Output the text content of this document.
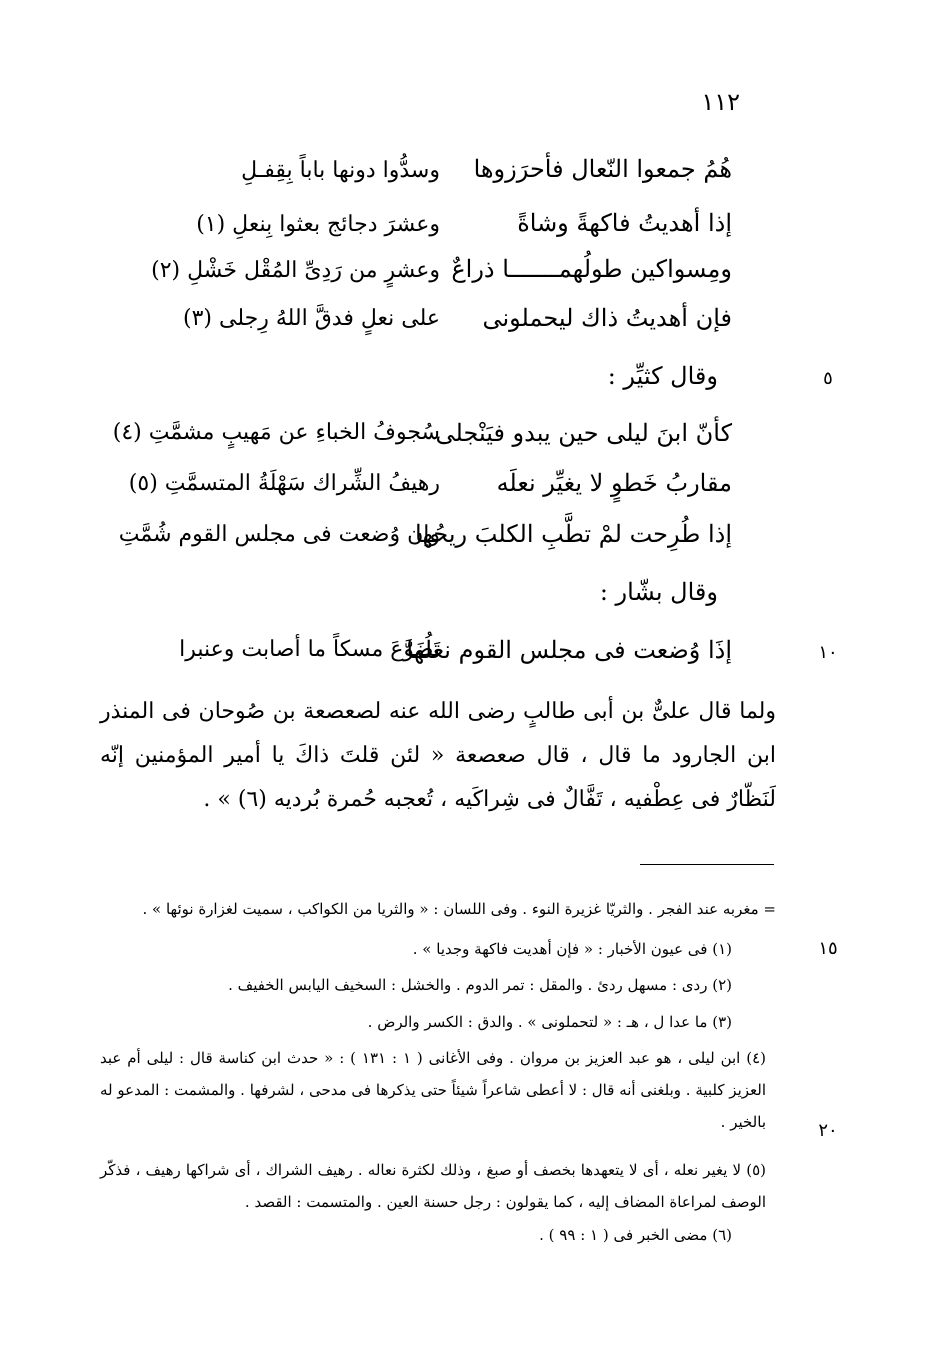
١١٢
هُمُ جمعوا النّعال فأحرَزوها
وسدُّوا دونها باباً بِقِفـلِ
إذا أهديتُ فاكهةً وشاةً
وعشرَ دجائج بعثوا بِنعلِ (١)
ومِسواكين طولُهمـــــــا ذراعٌ
وعشرٍ من رَدِىِّ المُقْل خَشْلِ (٢)
فإن أهديتُ ذاك ليحملونى
على نعلٍ فدقَّ اللهُ رِجلى (٣)
٥
وقال كثيِّر :
كأنّ ابنَ ليلى حين يبدو فيَنْجلى
سُجوفُ الخباءِ عن مَهيبٍ مشمَّتِ (٤)
مقاربُ خَطوٍ لا يغيِّر نعلَه
رهيفُ الشِّراك سَهْلَةُ المتسمَّتِ (٥)
إذا طُرِحت لمْ تطَّبِ الكلبَ ريحُها
وإن وُضعت فى مجلس القوم شُمَّتِ
وقال بشّار :
١٠
إذَا وُضعت فى مجلس القوم نعلُها
تَضَوَّعَ مسكاً ما أصابت وعنبرا
ولما قال علىٌّ بن أبى طالبٍ رضى الله عنه لصعصعة بن صُوحان فى المنذر ابن الجارود ما قال ، قال صعصعة « لئن قلتَ ذاكَ يا أمير المؤمنين إنّه لَنَظّارٌ فى عِطْفيه ، تَفَّالٌ فى شِراكَيه ، تُعجبه حُمرة بُرديه (٦) » .
= مغربه عند الفجر . والثريّا غزيرة النوء . وفى اللسان : « والثريا من الكواكب ، سميت لغزارة نوئها » .
١٥
(١) فى عيون الأخبار : « فإن أهديت فاكهة وجديا » .
(٢) ردى : مسهل ردئ . والمقل : تمر الدوم . والخشل : السخيف اليابس الخفيف .
(٣) ما عدا ل ، هـ : « لتحملونى » . والدق : الكسر والرض .
(٤) ابن ليلى ، هو عبد العزيز بن مروان . وفى الأغانى ( ١ : ١٣١ ) : « حدث ابن كناسة قال : ليلى أم عبد العزيز كلبية . وبلغنى أنه قال : لا أعطى شاعراً شيئاً حتى يذكرها فى مدحى ، لشرفها . والمشمت : المدعو له بالخير .	٢٠
(٥) لا يغير نعله ، أى لا يتعهدها بخصف أو صبغ ، وذلك لكثرة نعاله . رهيف الشراك ، أى شراكها رهيف ، فذكّر الوصف لمراعاة المضاف إليه ، كما يقولون : رجل حسنة العين . والمتسمت : القصد .
(٦) مضى الخبر فى ( ١ : ٩٩ ) .
